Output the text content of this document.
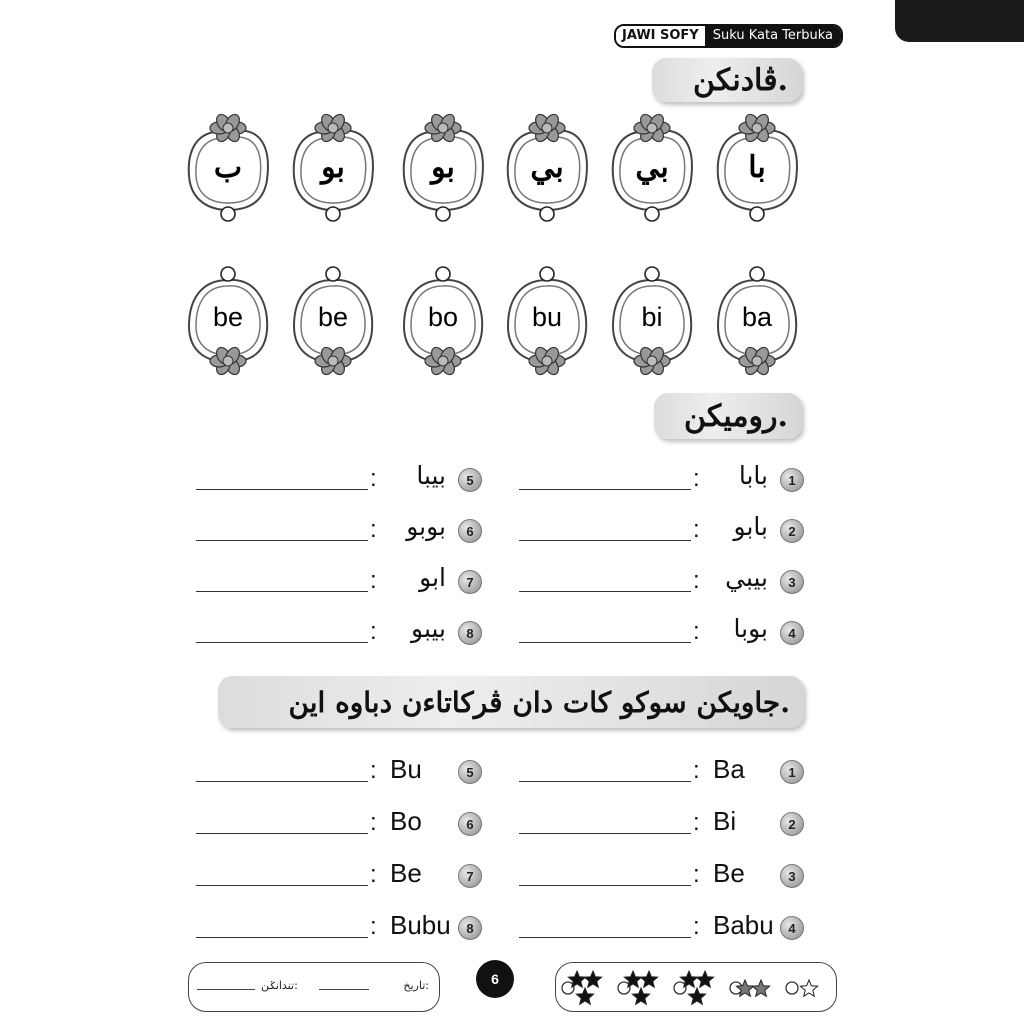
JAWI SOFY	Suku Kata Terbuka
ڤادنكن.
با
بي
بي
بو
بو
ب
ba
bi
bu
bo
be
be
روميكن.
1
بابا
:
2
بابو
:
3
بيبي
:
4
بوبا
:
5
بيبا
:
6
بوبو
:
7
ابو
:
8
بيبو
:
جاويكن سوكو كات دان ڤركاتاءن دباوه اين.
1
Ba
:
2
Bi
:
3
Be
:
4
Babu
:
5
Bu
:
6
Bo
:
7
Be
:
8
Bubu
:
تاريخ:
تندانݢن:	6
